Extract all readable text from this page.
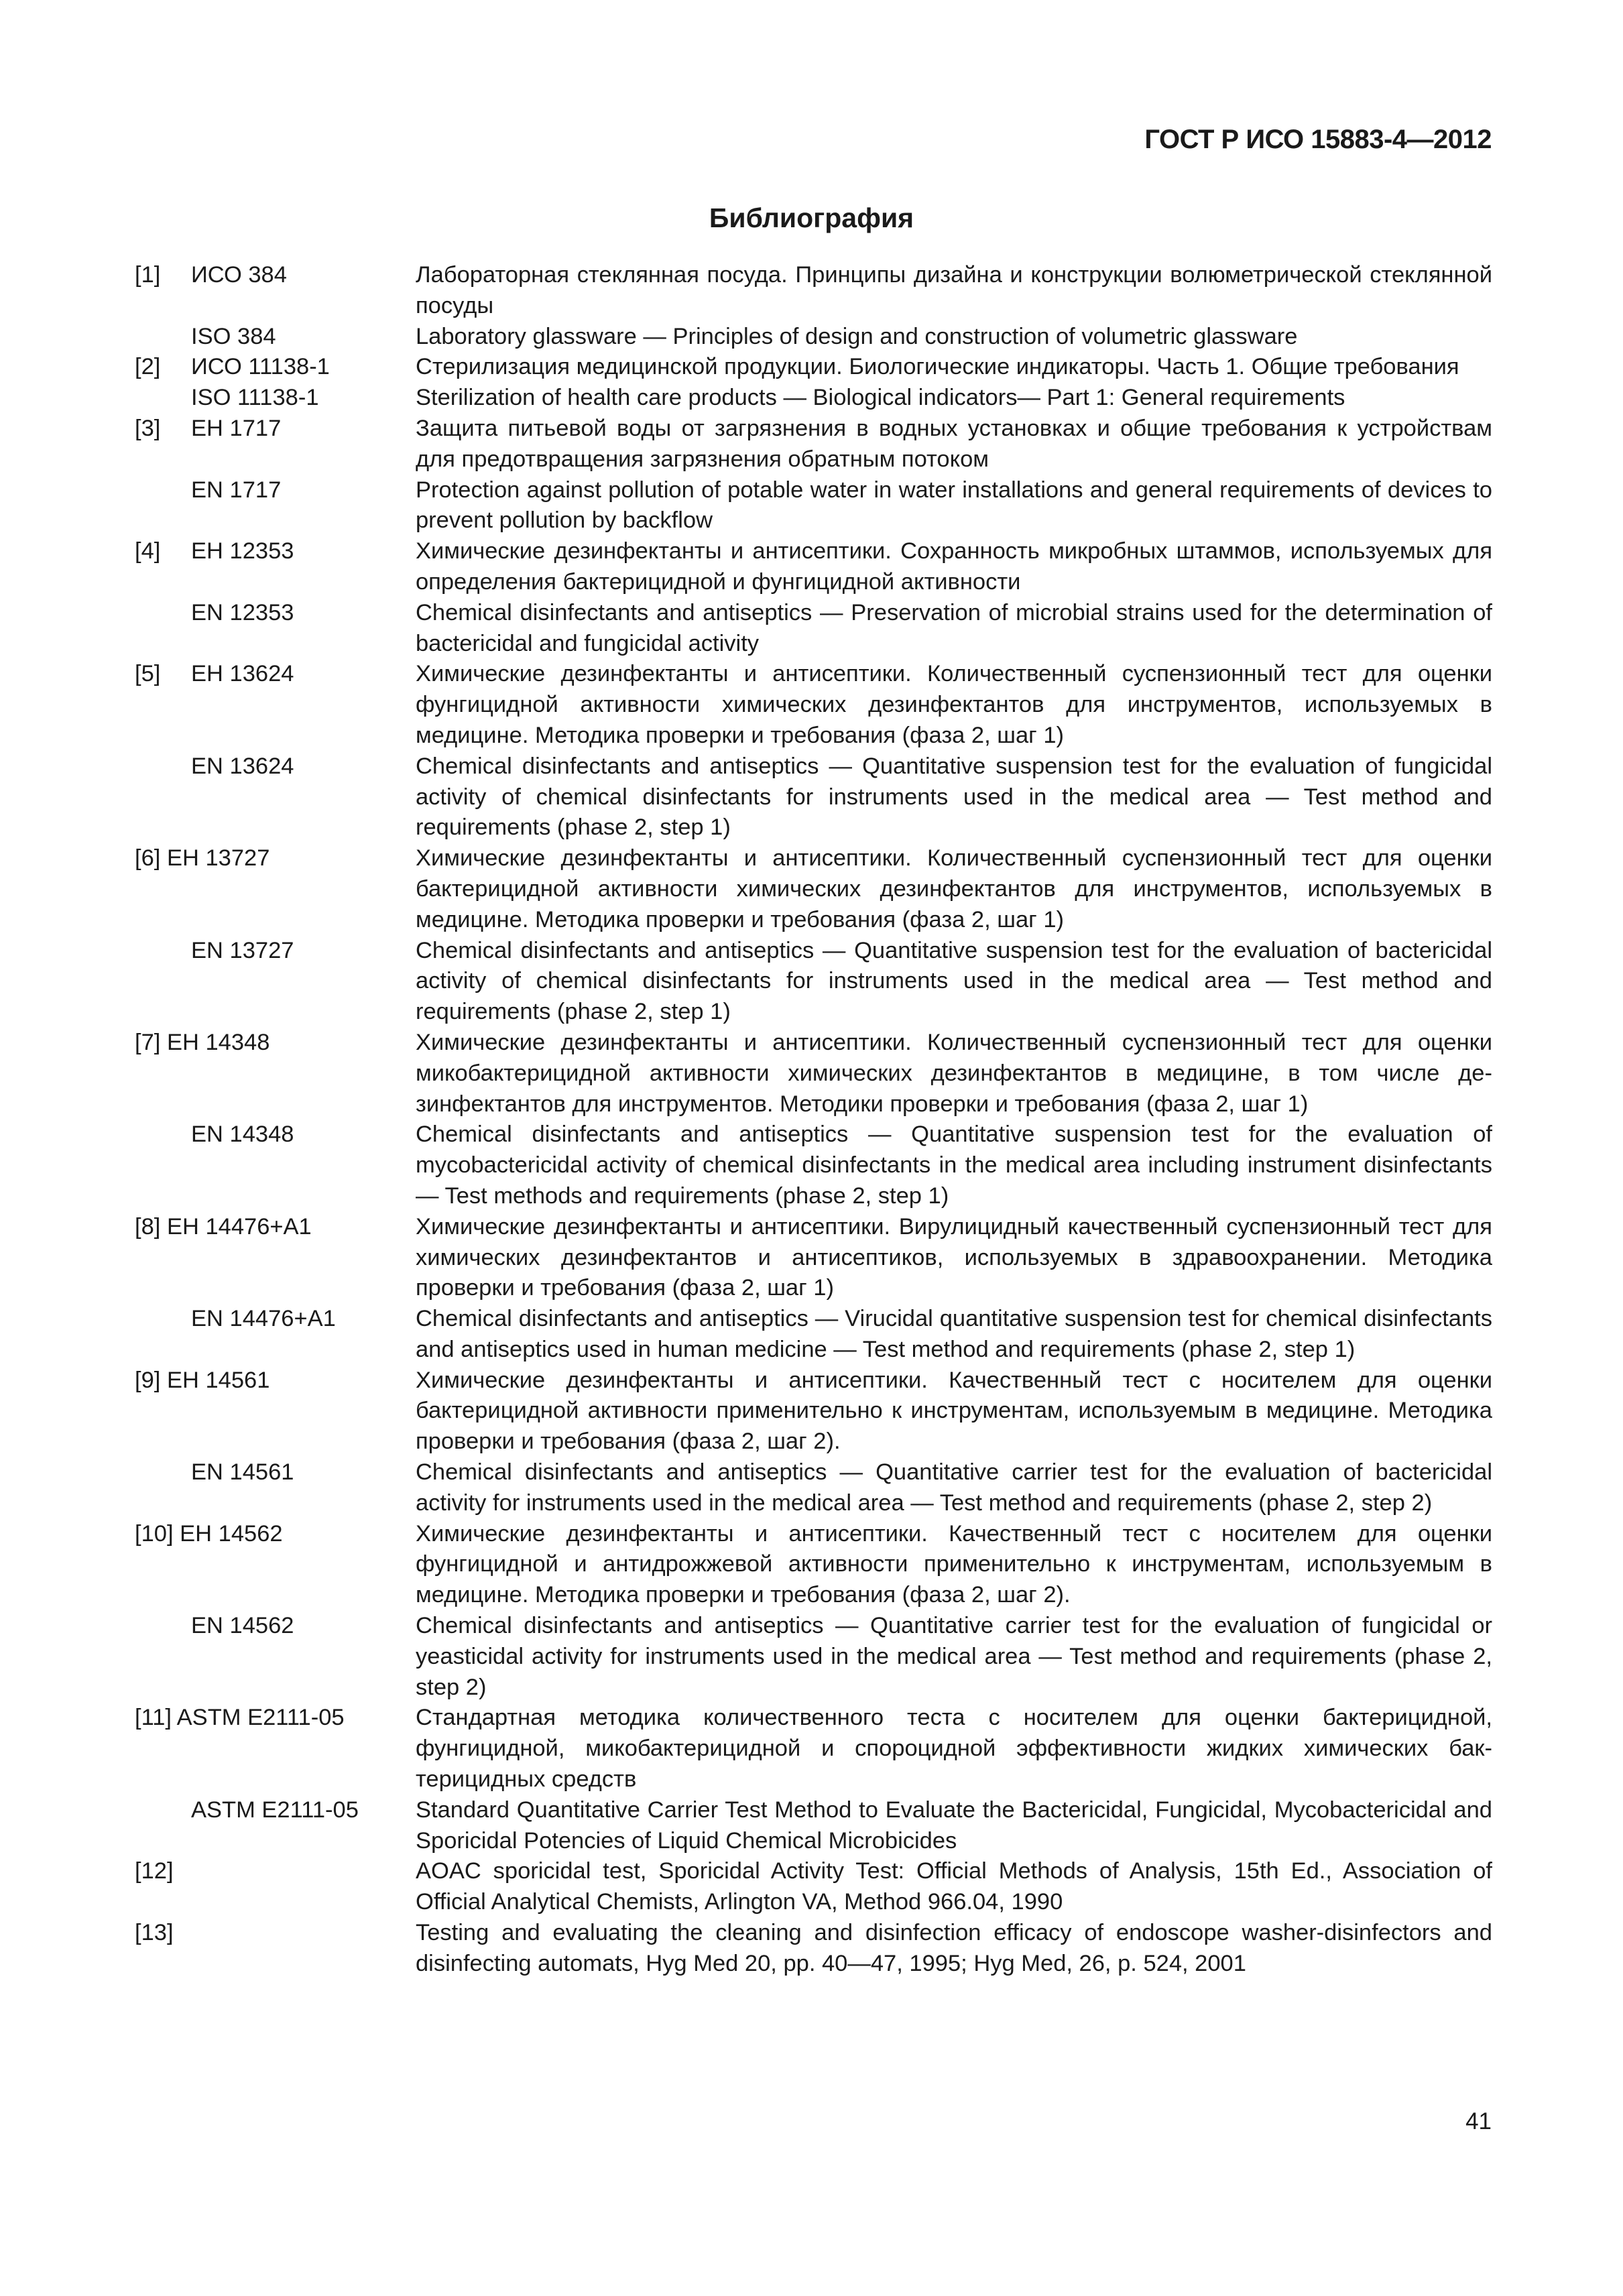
ГОСТ Р ИСО 15883-4—2012
Библиография
[1]	ИСО 384	Лабораторная стеклянная посуда. Принципы дизайна и конструкции волюметрической стеклянной посуды
ISO 384	Laboratory glassware — Principles of design and construction of volumetric glassware
[2]	ИСО 11138-1	Стерилизация медицинской продукции. Биологические индикаторы. Часть 1. Общие требования
ISO 11138-1	Sterilization of health care products — Biological indicators— Part 1: General requirements
[3]	ЕН 1717	Защита питьевой воды от загрязнения в водных установках и общие требования к устройствам для предотвращения загрязнения обратным потоком
EN 1717	Protection against pollution of potable water in water installations and general requirements of devices to prevent pollution by backflow
[4]	ЕН 12353	Химические дезинфектанты и антисептики. Сохранность микробных штаммов, используемых для определения бактерицидной и фунгицидной активности
EN 12353	Chemical disinfectants and antiseptics — Preservation of microbial strains used for the determination of bactericidal and fungicidal activity
[5]	ЕН 13624	Химические дезинфектанты и антисептики. Количественный суспензионный тест для оценки фунгицидной активности химических дезинфектантов для инструментов, используемых в медицине. Методика проверки и требования (фаза 2, шаг 1)
EN 13624	Chemical disinfectants and antiseptics — Quantitative suspension test for the evaluation of fungicidal activity of chemical disinfectants for instruments used in the medical area — Test method and requirements (phase 2, step 1)
[6] ЕН 13727	Химические дезинфектанты и антисептики. Количественный суспензионный тест для оценки бактерицидной активности химических дезинфектантов для инструментов, используемых в медицине. Методика проверки и требования (фаза 2, шаг 1)
EN 13727	Chemical disinfectants and antiseptics — Quantitative suspension test for the evaluation of bactericidal activity of chemical disinfectants for instruments used in the medical area — Test method and requirements (phase 2, step 1)
[7] ЕН 14348	Химические дезинфектанты и антисептики. Количественный суспензионный тест для оценки микобактерицидной активности химических дезинфектантов в медицине, в том числе дезинфектантов для инструментов. Методики проверки и требования (фаза 2, шаг 1)
EN 14348	Chemical disinfectants and antiseptics — Quantitative suspension test for the evaluation of mycobactericidal activity of chemical disinfectants in the medical area including instrument disinfectants — Test methods and requirements (phase 2, step 1)
[8] ЕН 14476+А1	Химические дезинфектанты и антисептики. Вирулицидный качественный суспензионный тест для химических дезинфектантов и антисептиков, используемых в здравоохранении. Методика проверки и требования (фаза 2, шаг 1)
EN 14476+A1	Chemical disinfectants and antiseptics — Virucidal quantitative suspension test for chemical disinfectants and antiseptics used in human medicine — Test method and requirements (phase 2, step 1)
[9] ЕН 14561	Химические дезинфектанты и антисептики. Качественный тест с носителем для оценки бактерицидной активности применительно к инструментам, используемым в медицине. Методика проверки и требования (фаза 2, шаг 2).
EN 14561	Chemical disinfectants and antiseptics — Quantitative carrier test for the evaluation of bactericidal activity for instruments used in the medical area — Test method and requirements (phase 2, step 2)
[10] ЕН 14562	Химические дезинфектанты и антисептики. Качественный тест с носителем для оценки фунгицидной и антидрожжевой активности применительно к инструментам, используемым в медицине. Методика проверки и требования (фаза 2, шаг 2).
EN 14562	Chemical disinfectants and antiseptics — Quantitative carrier test for the evaluation of fungicidal or yeasticidal activity for instruments used in the medical area — Test method and requirements (phase 2, step 2)
[11] ASTM E2111-05	Стандартная методика количественного теста с носителем для оценки бактерицидной, фунгицидной, микобактерицидной и спороцидной эффективности жидких химических бактерицидных средств
ASTM E2111-05	Standard Quantitative Carrier Test Method to Evaluate the Bactericidal, Fungicidal, Mycobactericidal and Sporicidal Potencies of Liquid Chemical Microbicides
[12]	AOAC sporicidal test, Sporicidal Activity Test: Official Methods of Analysis, 15th Ed., Association of Official Analytical Chemists, Arlington VA, Method 966.04, 1990
[13]	Testing and evaluating the cleaning and disinfection efficacy of endoscope washer-disinfectors and disinfecting automats, Hyg Med 20, pp. 40—47, 1995; Hyg Med, 26, p. 524, 2001
41
